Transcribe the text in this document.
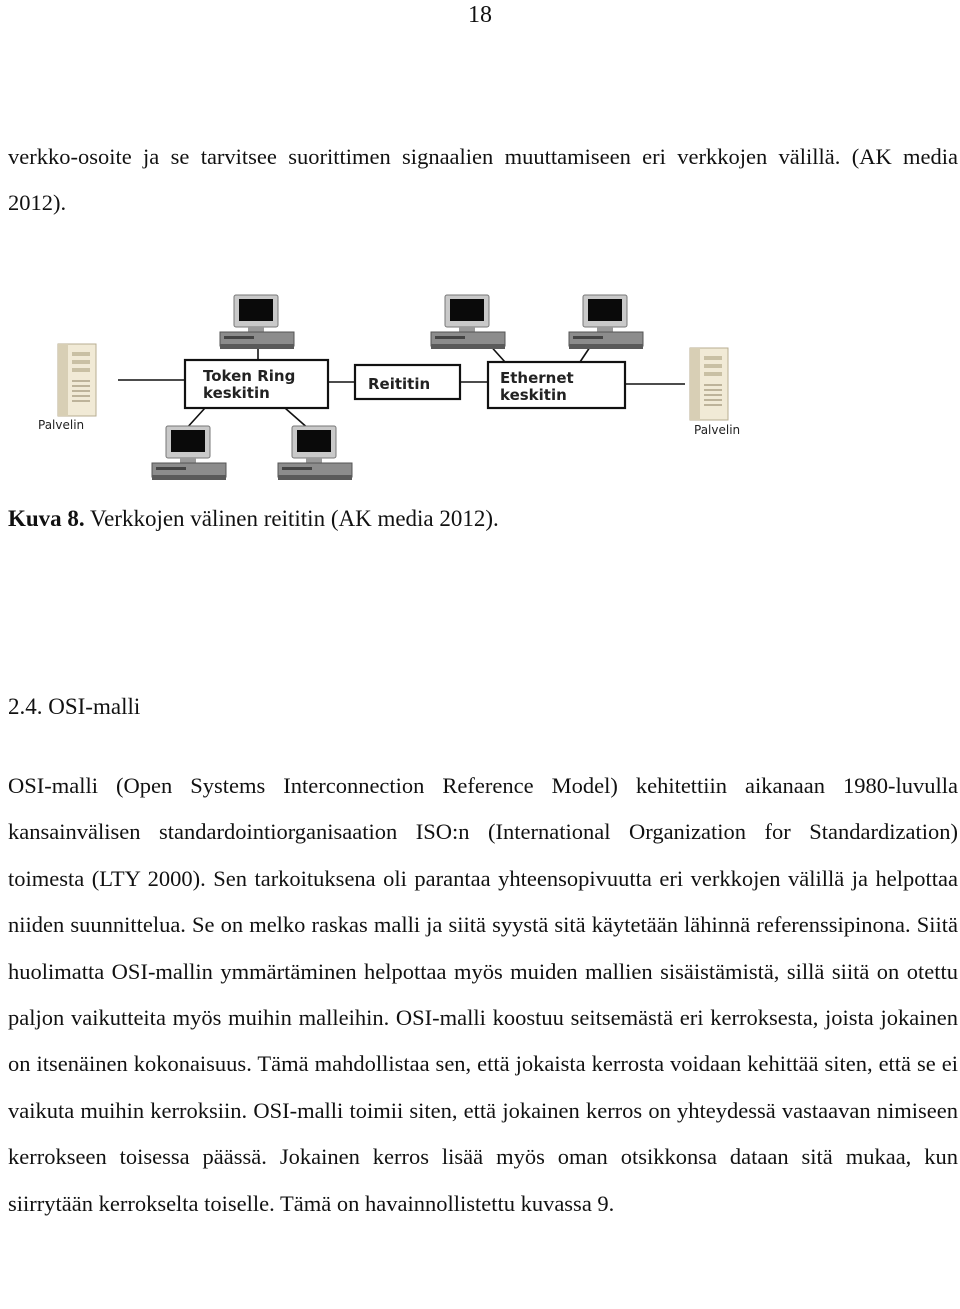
18

verkko-osoite ja se tarvitsee suorittimen signaalien muuttamiseen eri verkkojen välillä. (AK media 2012).

Token Ring
keskitin	Reititin	Ethernet
keskitin
Palvelin	Palvelin

Kuva 8. Verkkojen välinen reititin (AK media 2012).

2.4. OSI-malli

OSI-malli (Open Systems Interconnection Reference Model) kehitettiin aikanaan 1980-luvulla kansainvälisen standardointiorganisaation ISO:n (International Organization for Standardization) toimesta (LTY 2000). Sen tarkoituksena oli parantaa yhteensopivuutta eri verkkojen välillä ja helpottaa niiden suunnittelua. Se on melko raskas malli ja siitä syystä sitä käytetään lähinnä referenssipinona. Siitä huolimatta OSI-mallin ymmärtäminen helpottaa myös muiden mallien sisäistämistä, sillä siitä on otettu paljon vaikutteita myös muihin malleihin. OSI-malli koostuu seitsemästä eri kerroksesta, joista jokainen on itsenäinen kokonaisuus. Tämä mahdollistaa sen, että jokaista kerrosta voidaan kehittää siten, että se ei vaikuta muihin kerroksiin. OSI-malli toimii siten, että jokainen kerros on yhteydessä vastaavan nimiseen kerrokseen toisessa päässä. Jokainen kerros lisää myös oman otsikkonsa dataan sitä mukaa, kun siirrytään kerrokselta toiselle. Tämä on havainnollistettu kuvassa 9.
